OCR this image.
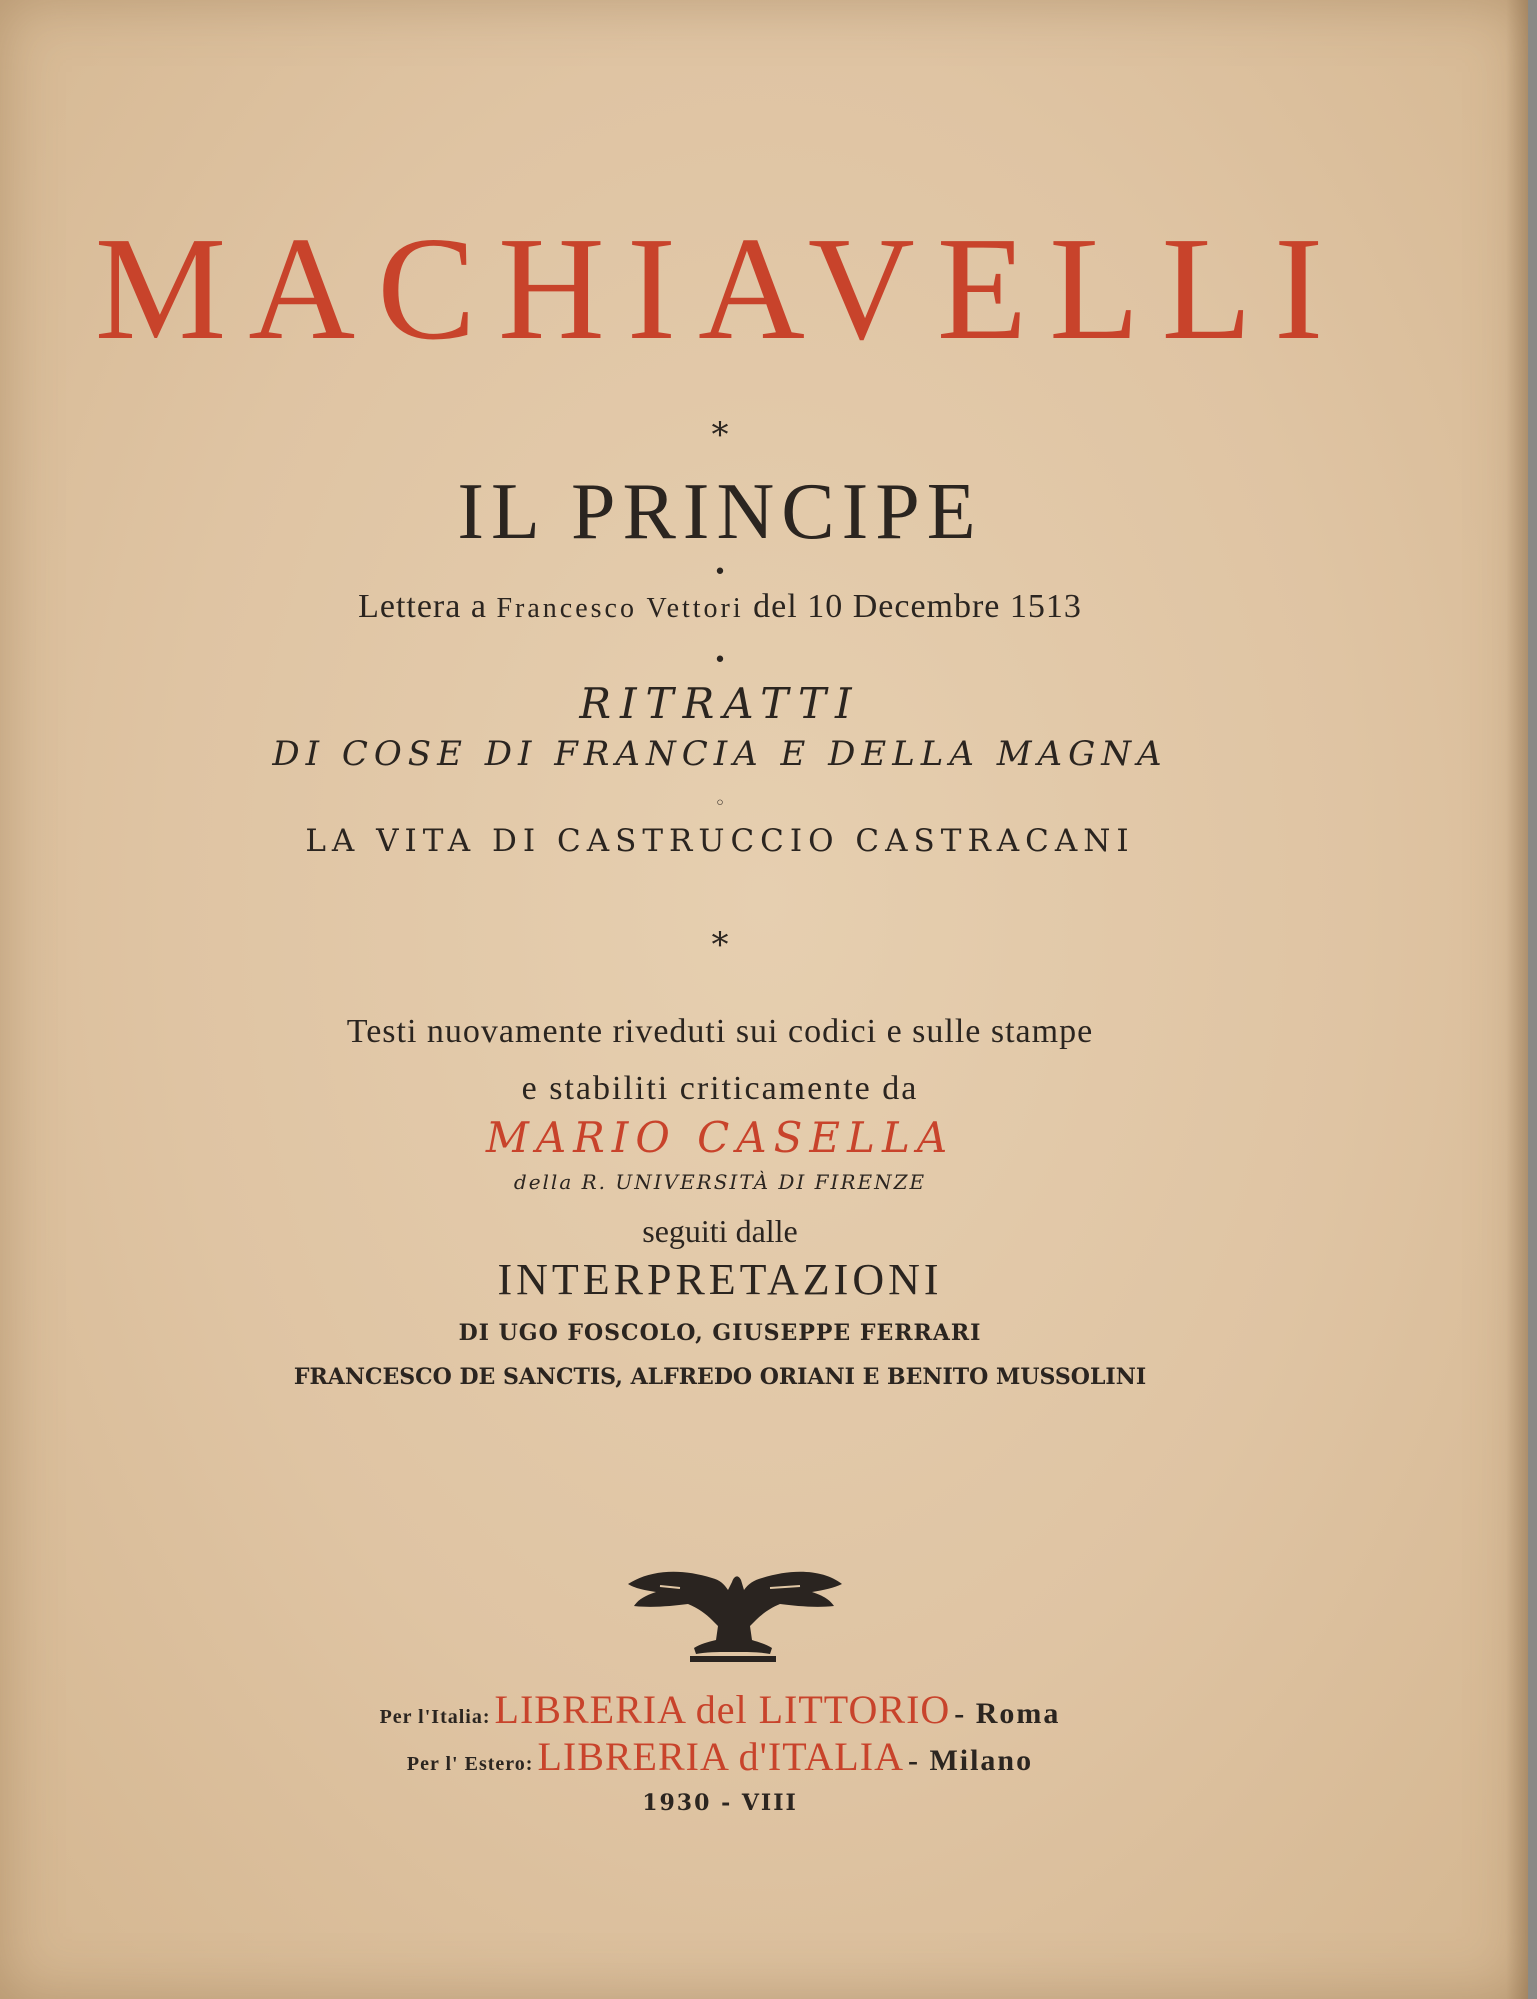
MACHIAVELLI
*
IL PRINCIPE
•
Lettera a Francesco Vettori del 10 Decembre 1513
•
RITRATTI
DI COSE DI FRANCIA E DELLA MAGNA
◦
LA VITA DI CASTRUCCIO CASTRACANI
*
Testi nuovamente riveduti sui codici e sulle stampe
e stabiliti criticamente da
MARIO CASELLA
della R. UNIVERSITÀ DI FIRENZE
seguiti dalle
INTERPRETAZIONI
DI UGO FOSCOLO, GIUSEPPE FERRARI
FRANCESCO DE SANCTIS, ALFREDO ORIANI E BENITO MUSSOLINI
Per l'Italia: LIBRERIA del LITTORIO - Roma
Per l' Estero: LIBRERIA d'ITALIA - Milano
1930 - VIII
